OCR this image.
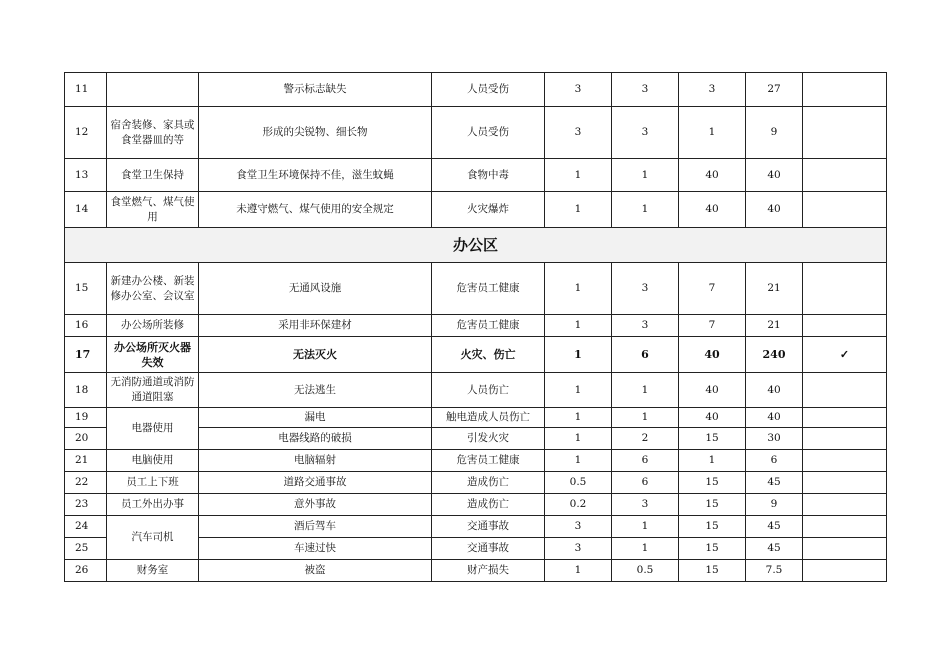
11		警示标志缺失	人员受伤	3	3	3	27	
12	宿舍装修、家具或食堂器皿的等	形成的尖锐物、细长物	人员受伤	3	3	1	9	
13	食堂卫生保持	食堂卫生环境保持不佳，滋生蚊蝇	食物中毒	1	1	40	40	
14	食堂燃气、煤气使用	未遵守燃气、煤气使用的安全规定	火灾爆炸	1	1	40	40	
办公区								
15	新建办公楼、新装修办公室、会议室	无通风设施	危害员工健康	1	3	7	21	
16	办公场所装修	采用非环保建材	危害员工健康	1	3	7	21	
17	办公场所灭火器失效	无法灭火	火灾、伤亡	1	6	40	240	✓
18	无消防通道或消防通道阻塞	无法逃生	人员伤亡	1	1	40	40	
19	电器使用	漏电	触电造成人员伤亡	1	1	40	40	
20		电器线路的破损	引发火灾	1	2	15	30	
21	电脑使用	电脑辐射	危害员工健康	1	6	1	6	
22	员工上下班	道路交通事故	造成伤亡	0.5	6	15	45	
23	员工外出办事	意外事故	造成伤亡	0.2	3	15	9	
24	汽车司机	酒后驾车	交通事故	3	1	15	45	
25		车速过快	交通事故	3	1	15	45	
26	财务室	被盗	财产损失	1	0.5	15	7.5	
